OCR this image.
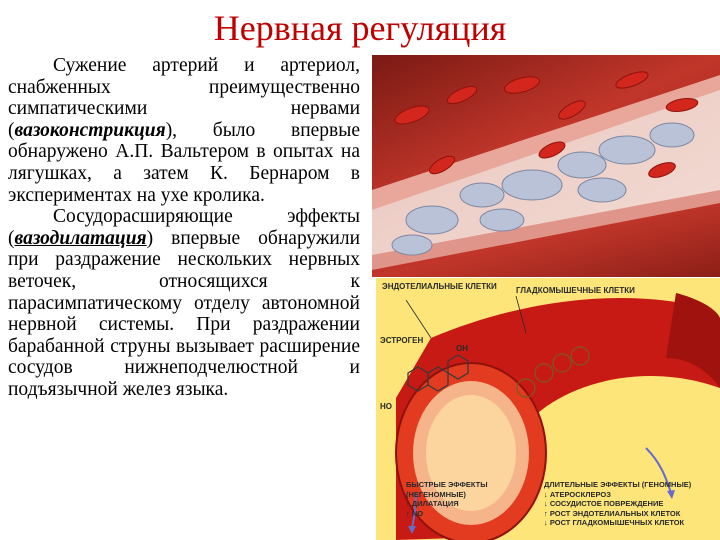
Нервная регуляция

Сужение артерий и артериол, снабженных преимущественно симпатическими нервами (вазоконстрикция), было впервые обнаружено А.П. Вальтером в опытах на лягушках, а затем К. Бернаром в экспериментах на ухе кролика.

Сосудорасширяющие эффекты (вазодилатация) впервые обнаружили при раздражение нескольких нервных веточек, относящихся к парасимпатическому отделу автономной нервной системы. При раздражении барабанной струны вызывает расширение сосудов нижнеподчелюстной и подъязычной желез языка.

ЭНДОТЕЛИАЛЬНЫЕ КЛЕТКИ ГЛАДКОМЫШЕЧНЫЕ КЛЕТКИ
ЭСТРОГЕН
OH
HO
БЫСТРЫЕ ЭФФЕКТЫ (НЕГЕНОМНЫЕ)
↑ ДИЛАТАЦИЯ
↑ NO
ДЛИТЕЛЬНЫЕ ЭФФЕКТЫ (ГЕНОМНЫЕ)
↓ АТЕРОСКЛЕРОЗ
↓ СОСУДИСТОЕ ПОВРЕЖДЕНИЕ
↑ РОСТ ЭНДОТЕЛИАЛЬНЫХ КЛЕТОК
↓ РОСТ ГЛАДКОМЫШЕЧНЫХ КЛЕТОК
